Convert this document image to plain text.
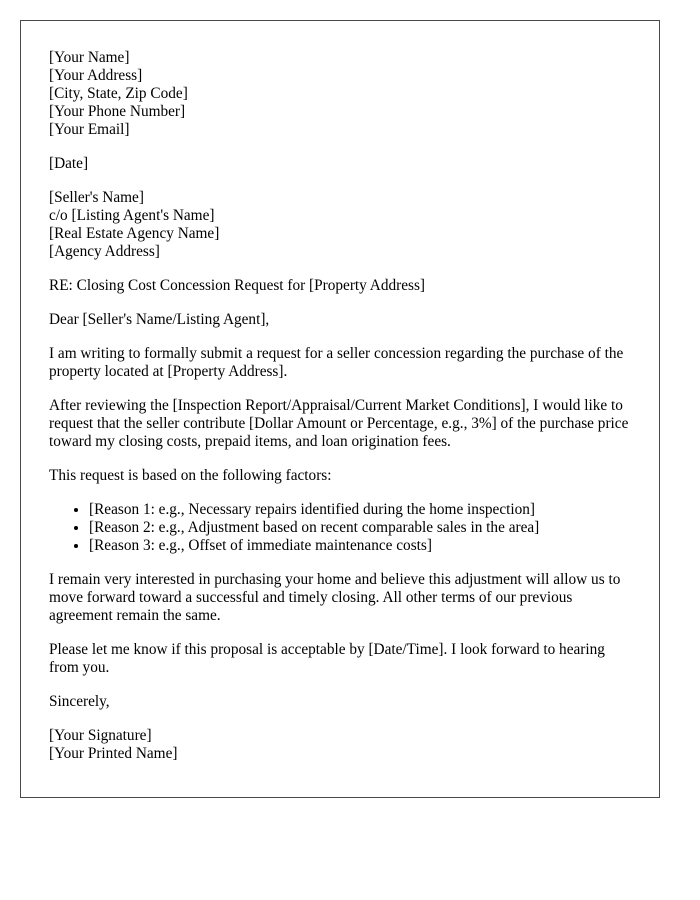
[Your Name]
[Your Address]
[City, State, Zip Code]
[Your Phone Number]
[Your Email]
[Date]
[Seller's Name]
c/o [Listing Agent's Name]
[Real Estate Agency Name]
[Agency Address]

RE: Closing Cost Concession Request for [Property Address]

Dear [Seller's Name/Listing Agent],

I am writing to formally submit a request for a seller concession regarding the purchase of the property located at [Property Address].

After reviewing the [Inspection Report/Appraisal/Current Market Conditions], I would like to request that the seller contribute [Dollar Amount or Percentage, e.g., 3%] of the purchase price toward my closing costs, prepaid items, and loan origination fees.

This request is based on the following factors:

• [Reason 1: e.g., Necessary repairs identified during the home inspection]
• [Reason 2: e.g., Adjustment based on recent comparable sales in the area]
• [Reason 3: e.g., Offset of immediate maintenance costs]

I remain very interested in purchasing your home and believe this adjustment will allow us to move forward toward a successful and timely closing. All other terms of our previous agreement remain the same.

Please let me know if this proposal is acceptable by [Date/Time]. I look forward to hearing from you.

Sincerely,

[Your Signature]
[Your Printed Name]
